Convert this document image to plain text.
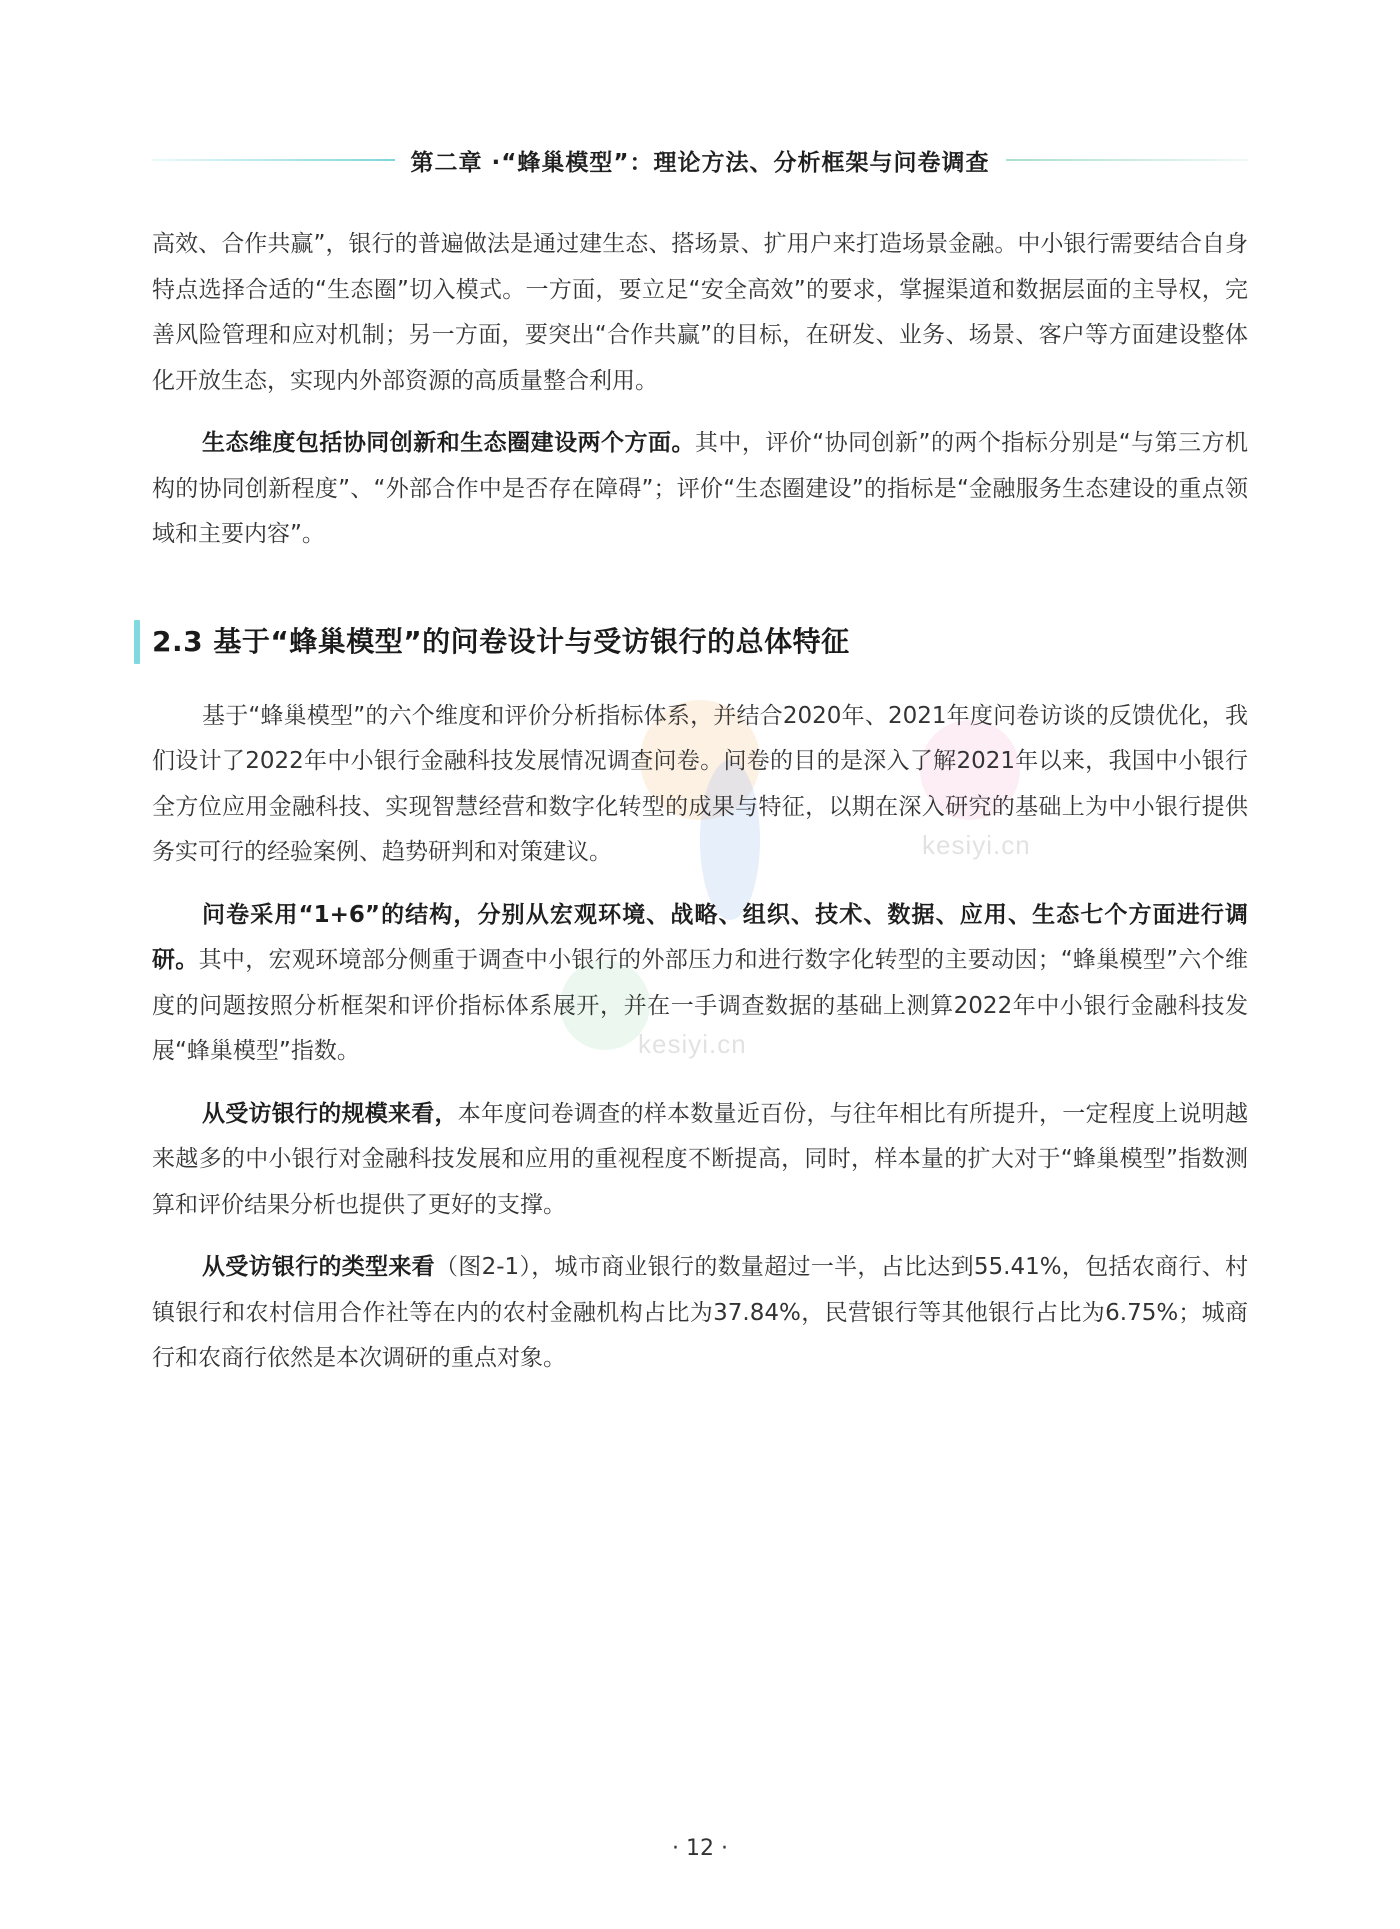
第二章 ·“蜂巢模型”：理论方法、分析框架与问卷调查
kesiyi.cn
kesiyi.cn

高效、合作共赢”，银行的普遍做法是通过建生态、搭场景、扩用户来打造场景金融。中小银行需要结合自身特点选择合适的“生态圈”切入模式。一方面，要立足“安全高效”的要求，掌握渠道和数据层面的主导权，完善风险管理和应对机制；另一方面，要突出“合作共赢”的目标，在研发、业务、场景、客户等方面建设整体化开放生态，实现内外部资源的高质量整合利用。

生态维度包括协同创新和生态圈建设两个方面。其中，评价“协同创新”的两个指标分别是“与第三方机构的协同创新程度”、“外部合作中是否存在障碍”；评价“生态圈建设”的指标是“金融服务生态建设的重点领域和主要内容”。

2.3 基于“蜂巢模型”的问卷设计与受访银行的总体特征

基于“蜂巢模型”的六个维度和评价分析指标体系，并结合2020年、2021年度问卷访谈的反馈优化，我们设计了2022年中小银行金融科技发展情况调查问卷。问卷的目的是深入了解2021年以来，我国中小银行全方位应用金融科技、实现智慧经营和数字化转型的成果与特征，以期在深入研究的基础上为中小银行提供务实可行的经验案例、趋势研判和对策建议。

问卷采用“1+6”的结构，分别从宏观环境、战略、组织、技术、数据、应用、生态七个方面进行调研。其中，宏观环境部分侧重于调查中小银行的外部压力和进行数字化转型的主要动因；“蜂巢模型”六个维度的问题按照分析框架和评价指标体系展开，并在一手调查数据的基础上测算2022年中小银行金融科技发展“蜂巢模型”指数。

从受访银行的规模来看，本年度问卷调查的样本数量近百份，与往年相比有所提升，一定程度上说明越来越多的中小银行对金融科技发展和应用的重视程度不断提高，同时，样本量的扩大对于“蜂巢模型”指数测算和评价结果分析也提供了更好的支撑。

从受访银行的类型来看（图2-1），城市商业银行的数量超过一半，占比达到55.41%，包括农商行、村镇银行和农村信用合作社等在内的农村金融机构占比为37.84%，民营银行等其他银行占比为6.75%；城商行和农商行依然是本次调研的重点对象。

· 12 ·
